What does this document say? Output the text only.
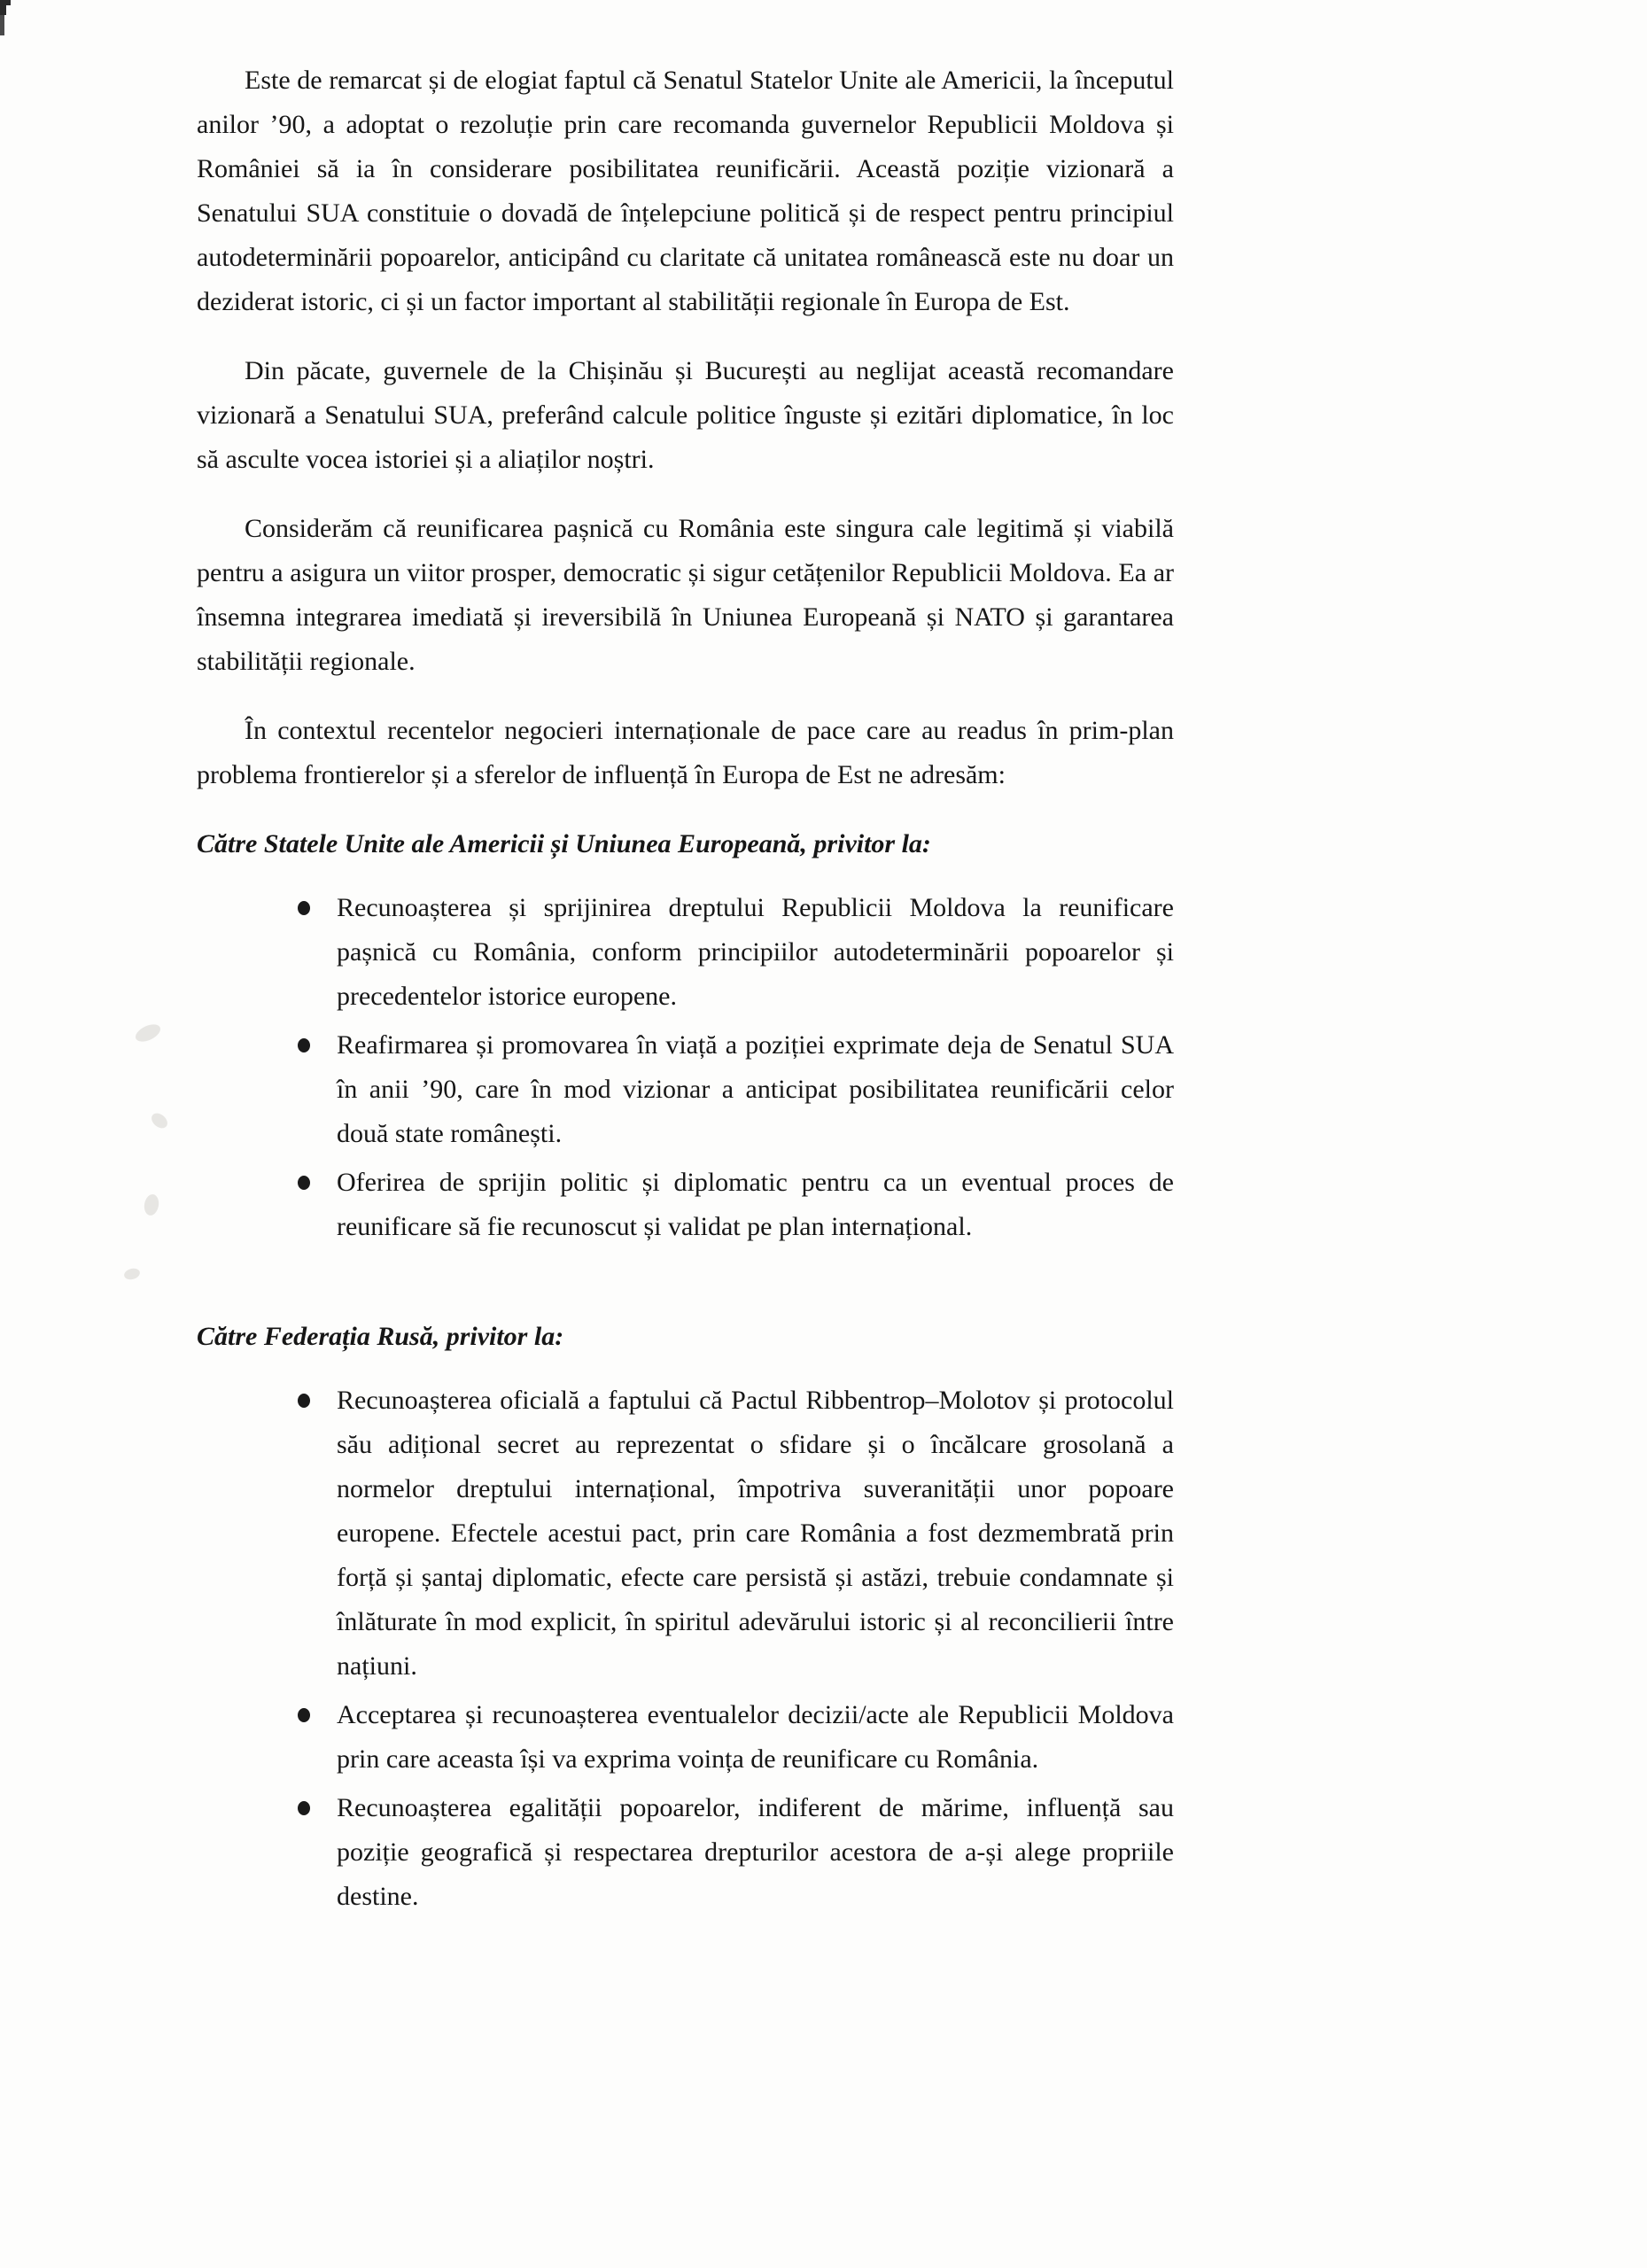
Este de remarcat și de elogiat faptul că Senatul Statelor Unite ale Americii, la începutul anilor ’90, a adoptat o rezoluție prin care recomanda guvernelor Republicii Moldova și României să ia în considerare posibilitatea reunificării. Această poziție vizionară a Senatului SUA constituie o dovadă de înțelepciune politică și de respect pentru principiul autodeterminării popoarelor, anticipând cu claritate că unitatea românească este nu doar un deziderat istoric, ci și un factor important al stabilității regionale în Europa de Est.

Din păcate, guvernele de la Chișinău și București au neglijat această recomandare vizionară a Senatului SUA, preferând calcule politice înguste și ezitări diplomatice, în loc să asculte vocea istoriei și a aliaților noștri.

Considerăm că reunificarea pașnică cu România este singura cale legitimă și viabilă pentru a asigura un viitor prosper, democratic și sigur cetățenilor Republicii Moldova. Ea ar însemna integrarea imediată și ireversibilă în Uniunea Europeană și NATO și garantarea stabilității regionale.

În contextul recentelor negocieri internaționale de pace care au readus în prim-plan problema frontierelor și a sferelor de influență în Europa de Est ne adresăm:

Către Statele Unite ale Americii și Uniunea Europeană, privitor la:
Recunoașterea și sprijinirea dreptului Republicii Moldova la reunificare pașnică cu România, conform principiilor autodeterminării popoarelor și precedentelor istorice europene.
Reafirmarea și promovarea în viață a poziției exprimate deja de Senatul SUA în anii ’90, care în mod vizionar a anticipat posibilitatea reunificării celor două state românești.
Oferirea de sprijin politic și diplomatic pentru ca un eventual proces de reunificare să fie recunoscut și validat pe plan internațional.
Către Federația Rusă, privitor la:
Recunoașterea oficială a faptului că Pactul Ribbentrop–Molotov și protocolul său adițional secret au reprezentat o sfidare și o încălcare grosolană a normelor dreptului internațional, împotriva suveranității unor popoare europene. Efectele acestui pact, prin care România a fost dezmembrată prin forță și șantaj diplomatic, efecte care persistă și astăzi, trebuie condamnate și înlăturate în mod explicit, în spiritul adevărului istoric și al reconcilierii între națiuni.
Acceptarea și recunoașterea eventualelor decizii/acte ale Republicii Moldova prin care aceasta își va exprima voința de reunificare cu România.
Recunoașterea egalității popoarelor, indiferent de mărime, influență sau poziție geografică și respectarea drepturilor acestora de a-și alege propriile destine.
